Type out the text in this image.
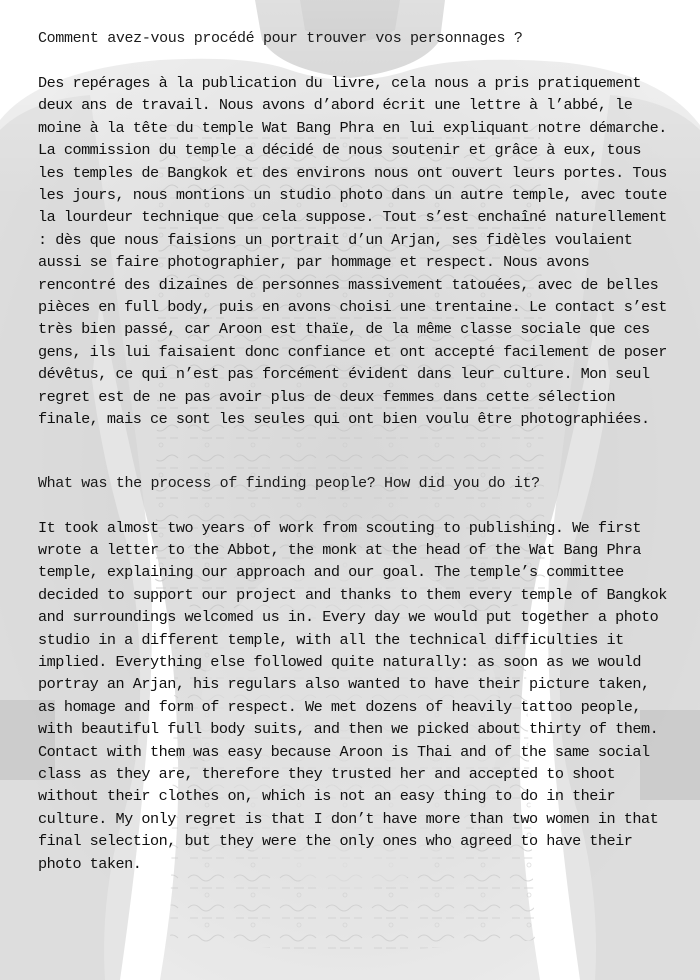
Comment avez-vous procédé pour trouver vos personnages ?

Des repérages à la publication du livre, cela nous a pris pratiquement deux ans de travail. Nous avons d’abord écrit une lettre à l’abbé, le moine à la tête du temple Wat Bang Phra en lui expliquant notre démarche. La commission du temple a décidé de nous soutenir et grâce à eux, tous les temples de Bangkok et des environs nous ont ouvert leurs portes. Tous les jours, nous montions un studio photo dans un autre temple, avec toute la lourdeur technique que cela suppose. Tout s’est enchaîné naturellement : dès que nous faisions un portrait d’un Arjan, ses fidèles voulaient aussi se faire photographier, par hommage et respect. Nous avons rencontré des dizaines de personnes massivement tatouées, avec de belles pièces en full body, puis en avons choisi une trentaine. Le contact s’est très bien passé, car Aroon est thaïe, de la même classe sociale que ces gens, ils lui faisaient donc confiance et ont accepté facilement de poser dévêtus, ce qui n’est pas forcément évident dans leur culture. Mon seul regret est de ne pas avoir plus de deux femmes dans cette sélection finale, mais ce sont les seules qui ont bien voulu être photographiées.

What was the process of finding people? How did you do it?

It took almost two years of work from scouting to publishing. We first wrote a letter to the Abbot, the monk at the head of the Wat Bang Phra temple, explaining our approach and our goal. The temple’s committee decided to support our project and thanks to them every temple of Bangkok and surroundings welcomed us in. Every day we would put together a photo studio in a different temple, with all the technical difficulties it implied. Everything else followed quite naturally: as soon as we would portray an Arjan, his regulars also wanted to have their picture taken, as homage and form of respect. We met dozens of heavily tattoo people, with beautiful full body suits, and then we picked about thirty of them. Contact with them was easy because Aroon is Thai and of the same social class as they are, therefore they trusted her and accepted to shoot without their clothes on, which is not an easy thing to do in their culture. My only regret is that I don’t have more than two women in that final selection, but they were the only ones who agreed to have their photo taken.
